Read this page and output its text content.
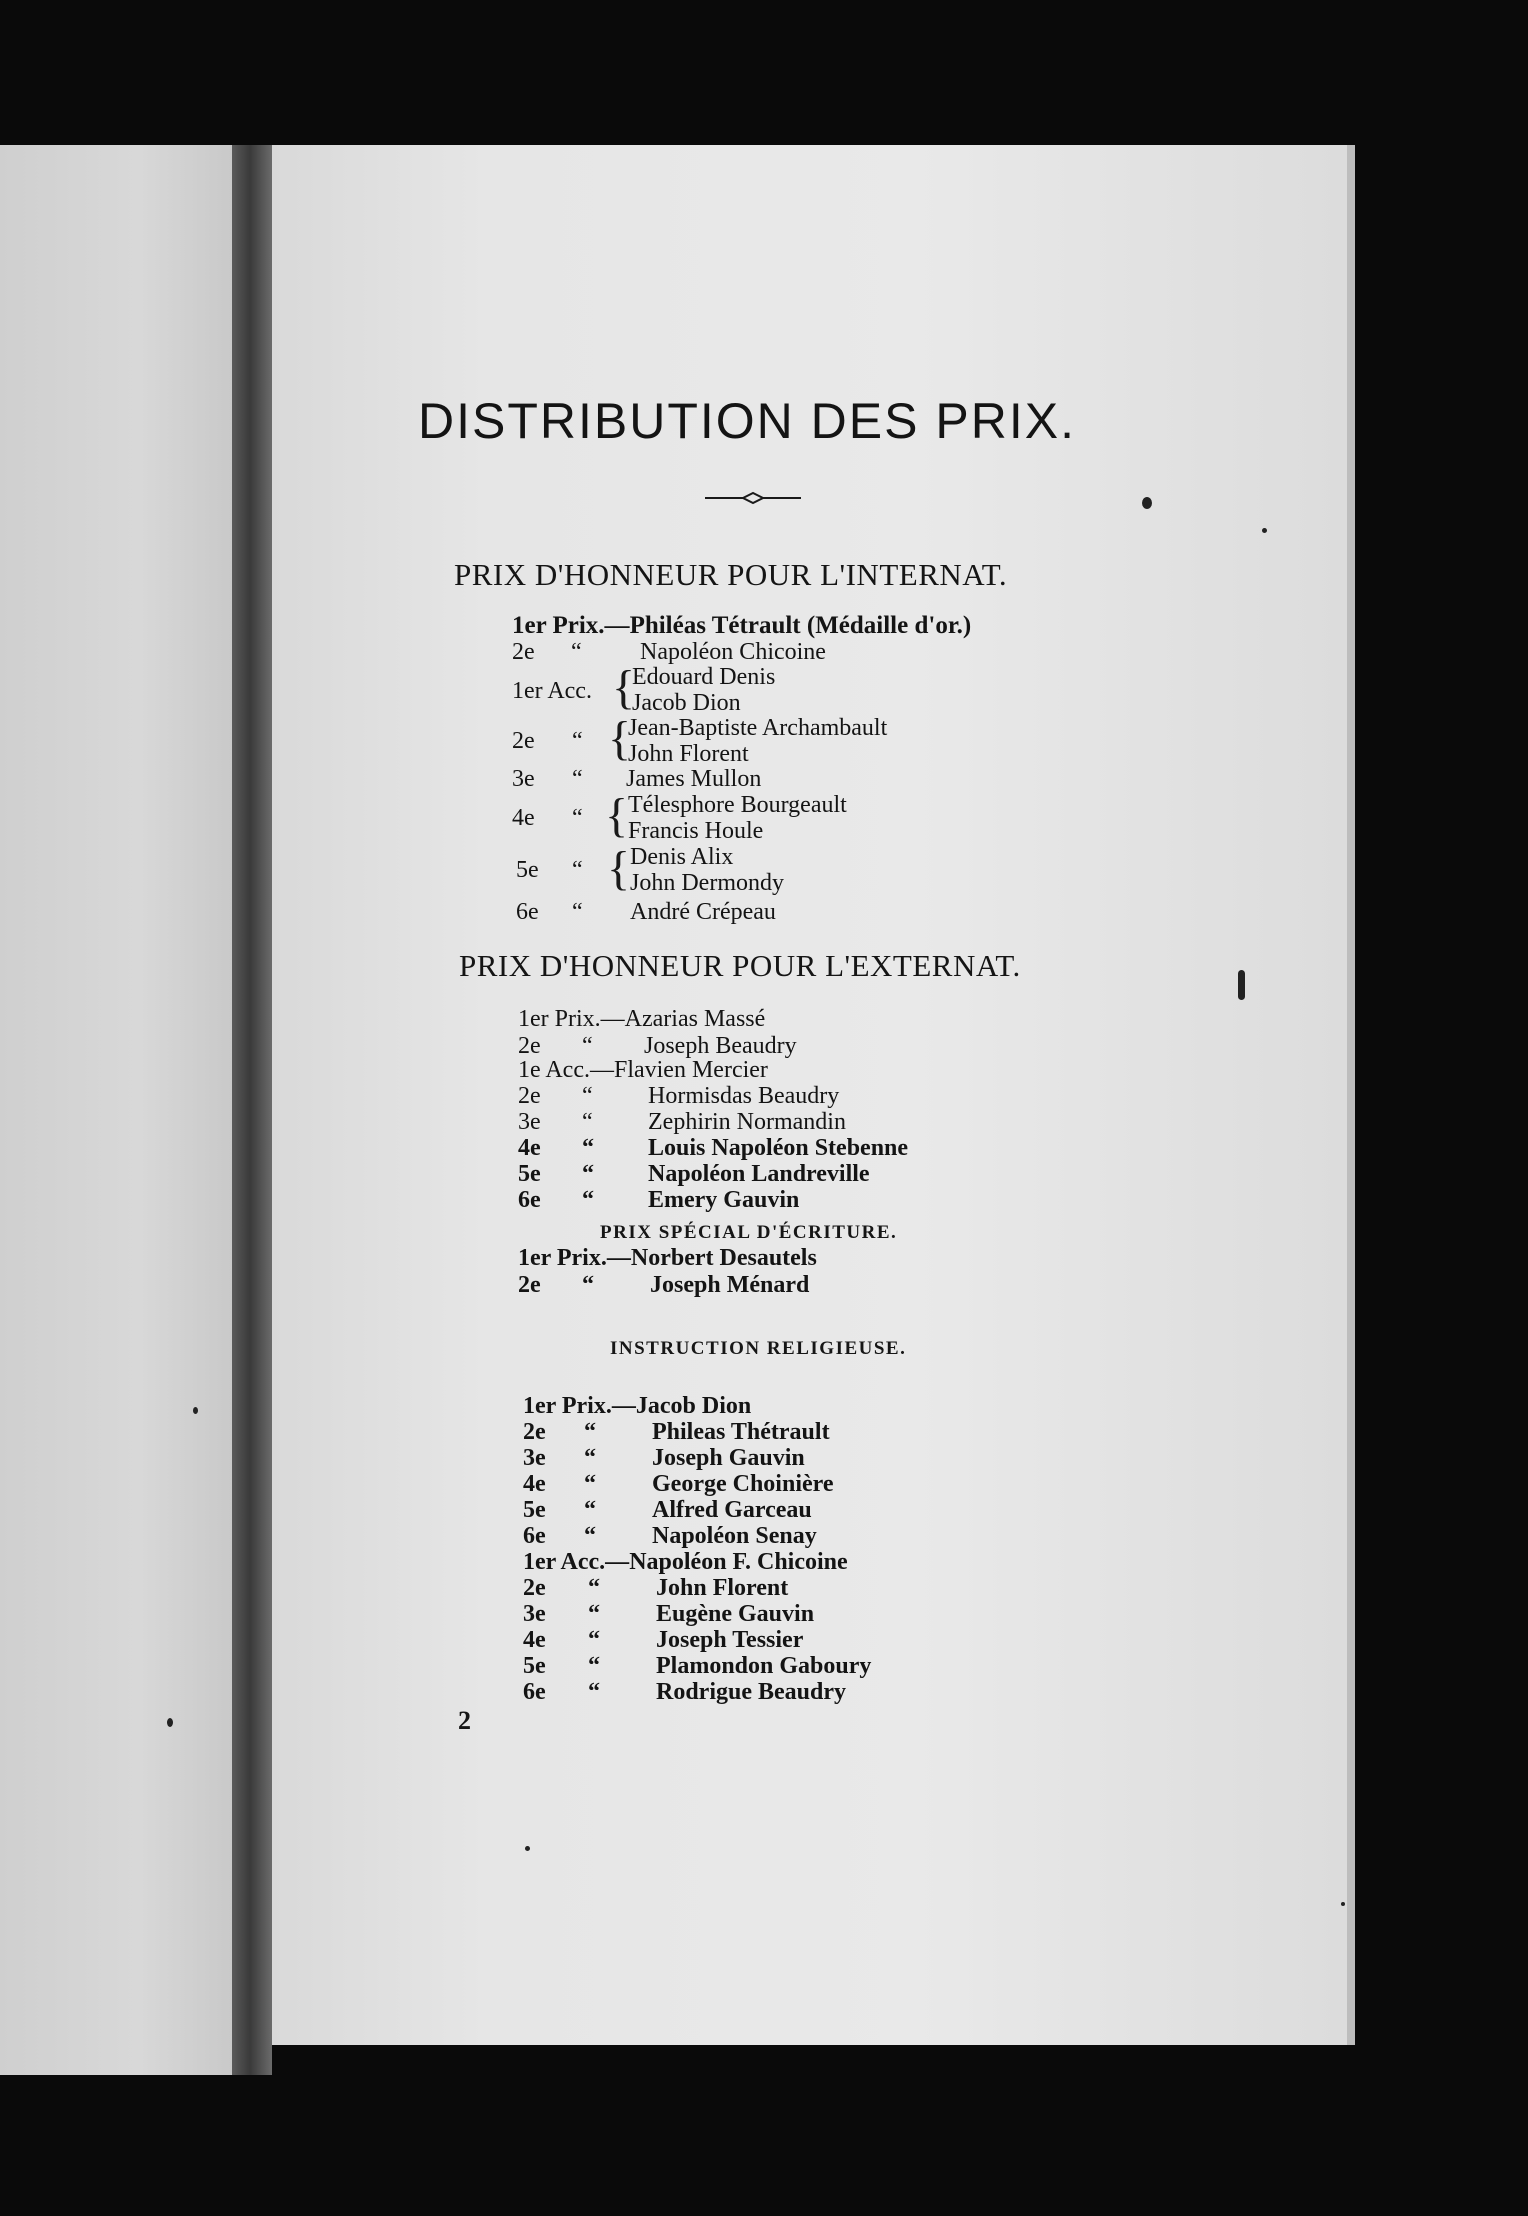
DISTRIBUTION DES PRIX.
PRIX D'HONNEUR POUR L'INTERNAT.
1er Prix.—Philéas Tétrault (Médaille d'or.)
2e “ Napoléon Chicoine
1er Acc. {
Edouard Denis
Jacob Dion
2e “ {
Jean-Baptiste Archambault
John Florent
3e “ James Mullon
4e “ { Télesphore Bourgeault
Francis Houle
5e “ { Denis Alix
John Dermondy
6e “ André Crépeau
PRIX D'HONNEUR POUR L'EXTERNAT.
1er Prix.—Azarias Massé
2e “ Joseph Beaudry
1e Acc.—Flavien Mercier
2e “ Hormisdas Beaudry
3e “ Zephirin Normandin
4e “ Louis Napoléon Stebenne
5e “ Napoléon Landreville
6e “ Emery Gauvin
PRIX SPÉCIAL D'ÉCRITURE.
1er Prix.—Norbert Desautels
2e “ Joseph Ménard
INSTRUCTION RELIGIEUSE.
1er Prix.—Jacob Dion
2e “ Phileas Thétrault
3e “ Joseph Gauvin
4e “ George Choinière
5e “ Alfred Garceau
6e “ Napoléon Senay
1er Acc.—Napoléon F. Chicoine
2e “ John Florent
3e “ Eugène Gauvin
4e “ Joseph Tessier
5e “ Plamondon Gaboury
6e “ Rodrigue Beaudry
2
